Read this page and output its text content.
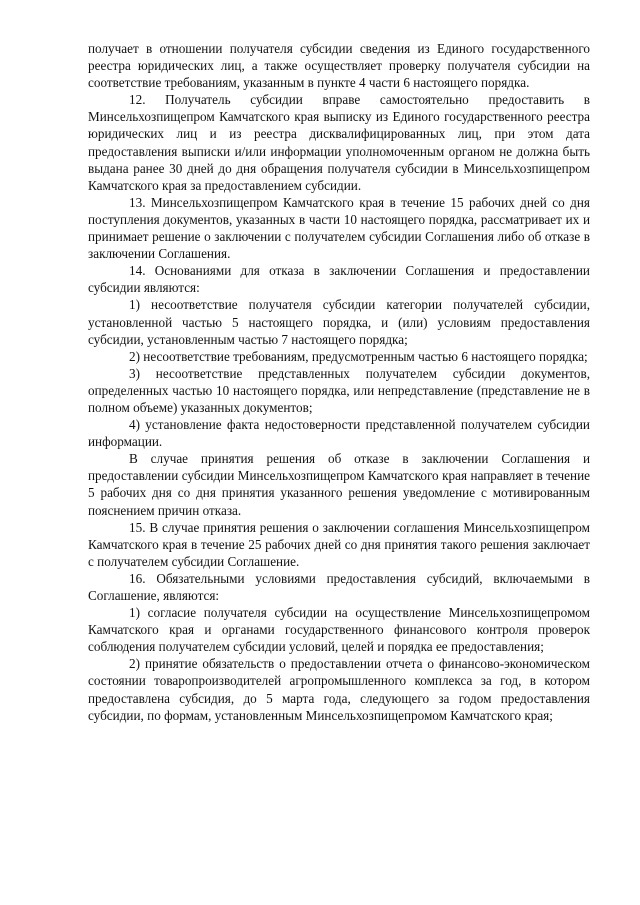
получает в отношении получателя субсидии сведения из Единого государственного реестра юридических лиц, а также осуществляет проверку получателя субсидии на соответствие требованиям, указанным в пункте 4 части 6 настоящего порядка.

12. Получатель субсидии вправе самостоятельно предоставить в Минсельхозпищепром Камчатского края выписку из Единого государственного реестра юридических лиц и из реестра дисквалифицированных лиц, при этом дата предоставления выписки и/или информации уполномоченным органом не должна быть выдана ранее 30 дней до дня обращения получателя субсидии в Минсельхозпищепром Камчатского края за предоставлением субсидии.

13. Минсельхозпищепром Камчатского края в течение 15 рабочих дней со дня поступления документов, указанных в части 10 настоящего порядка, рассматривает их и принимает решение о заключении с получателем субсидии Соглашения либо об отказе в заключении Соглашения.

14. Основаниями для отказа в заключении Соглашения и предоставлении субсидии являются:

1) несоответствие получателя субсидии категории получателей субсидии, установленной частью 5 настоящего порядка, и (или) условиям предоставления субсидии, установленным частью 7 настоящего порядка;

2) несоответствие требованиям, предусмотренным частью 6 настоящего порядка;

3) несоответствие представленных получателем субсидии документов, определенных частью 10 настоящего порядка, или непредставление (представление не в полном объеме) указанных документов;

4) установление факта недостоверности представленной получателем субсидии информации.

В случае принятия решения об отказе в заключении Соглашения и предоставлении субсидии Минсельхозпищепром Камчатского края направляет в течение 5 рабочих дня со дня принятия указанного решения уведомление с мотивированным пояснением причин отказа.

15. В случае принятия решения о заключении соглашения Минсельхозпищепром Камчатского края в течение 25 рабочих дней со дня принятия такого решения заключает с получателем субсидии Соглашение.

16. Обязательными условиями предоставления субсидий, включаемыми в Соглашение, являются:

1) согласие получателя субсидии на осуществление Минсельхозпищепромом Камчатского края и органами государственного финансового контроля проверок соблюдения получателем субсидии условий, целей и порядка ее предоставления;

2) принятие обязательств о предоставлении отчета о финансово-экономическом состоянии товаропроизводителей агропромышленного комплекса за год, в котором предоставлена субсидия, до 5 марта года, следующего за годом предоставления субсидии, по формам, установленным Минсельхозпищепромом Камчатского края;
